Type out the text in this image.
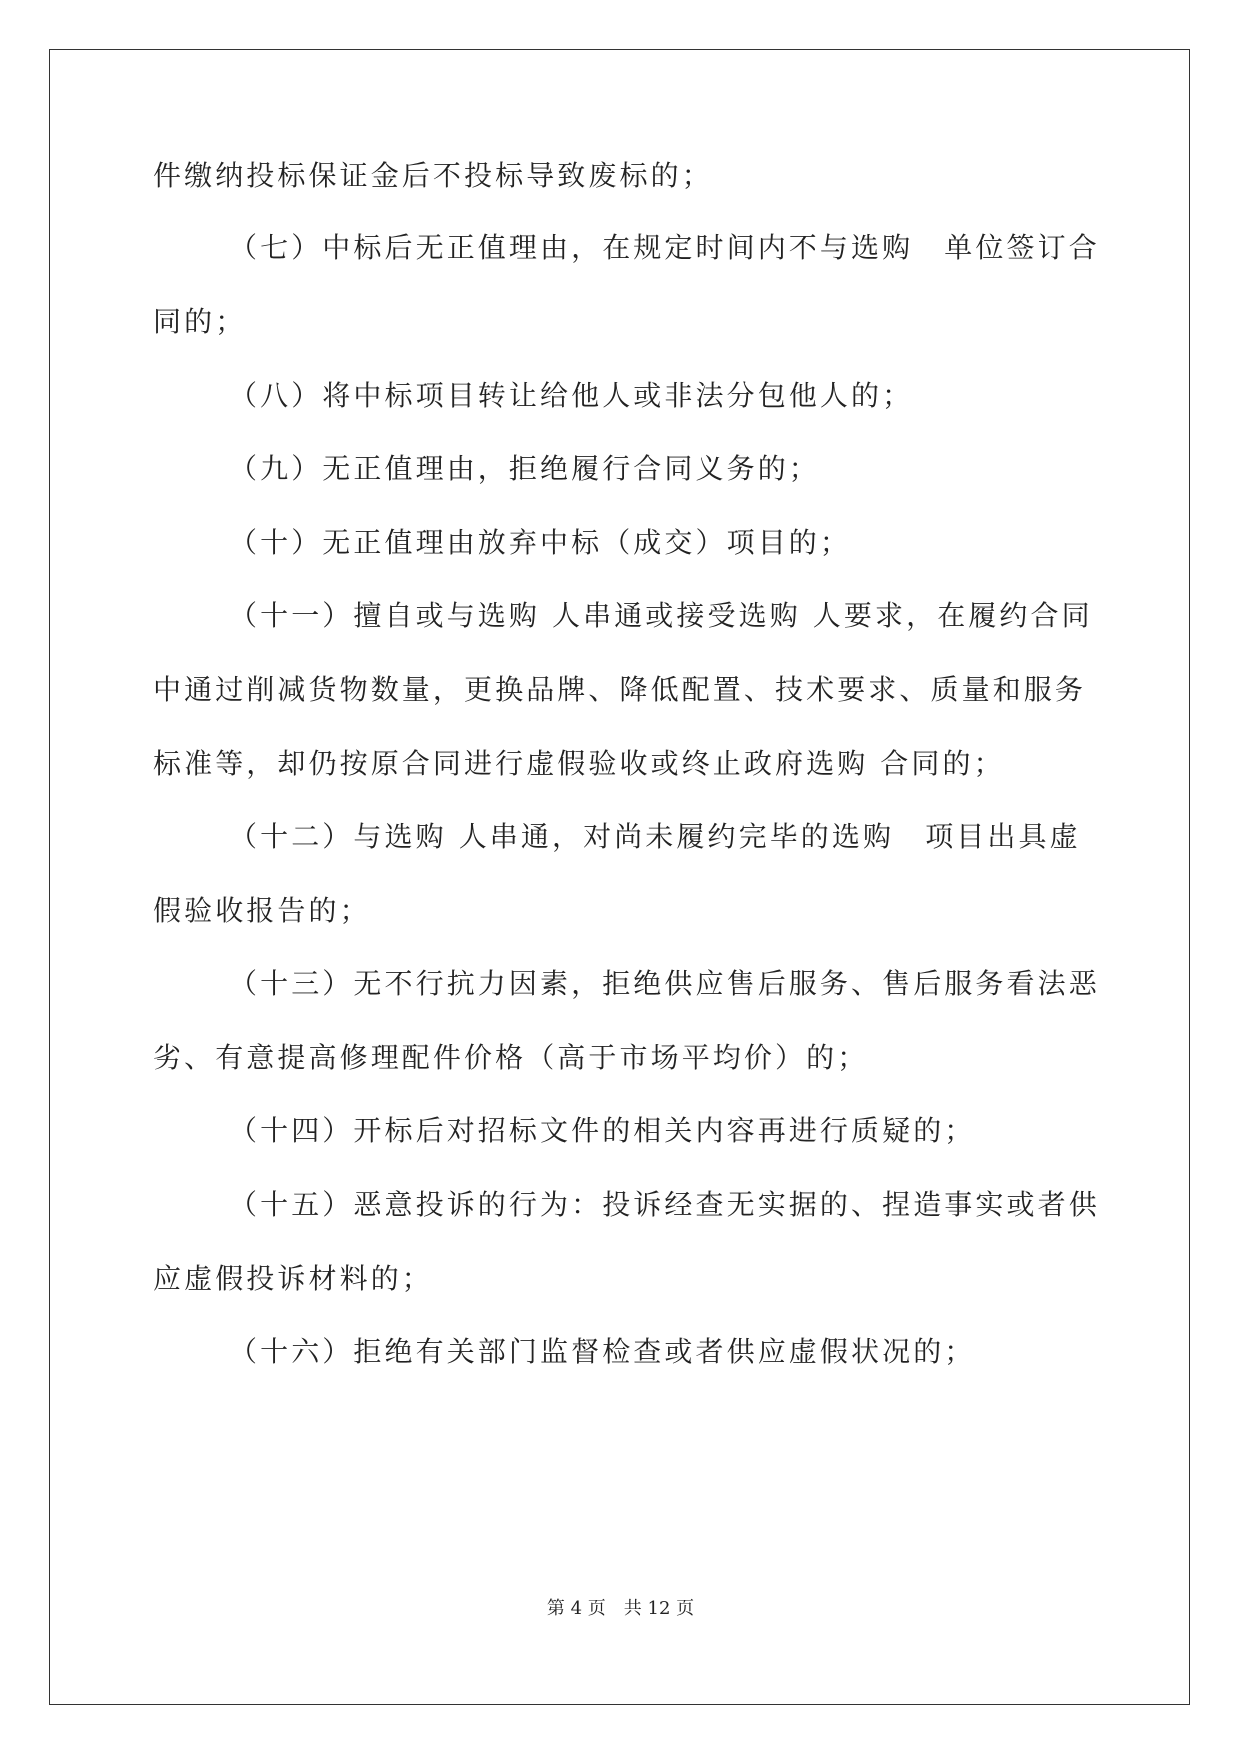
件缴纳投标保证金后不投标导致废标的；
（七）中标后无正值理由，在规定时间内不与选购　单位签订合
同的；
（八）将中标项目转让给他人或非法分包他人的；
（九）无正值理由，拒绝履行合同义务的；
（十）无正值理由放弃中标（成交）项目的；
（十一）擅自或与选购 人串通或接受选购 人要求，在履约合同
中通过削减货物数量，更换品牌、降低配置、技术要求、质量和服务
标准等，却仍按原合同进行虚假验收或终止政府选购 合同的；
（十二）与选购 人串通，对尚未履约完毕的选购　项目出具虚
假验收报告的；
（十三）无不行抗力因素，拒绝供应售后服务、售后服务看法恶
劣、有意提高修理配件价格（高于市场平均价）的；
（十四）开标后对招标文件的相关内容再进行质疑的；
（十五）恶意投诉的行为：投诉经查无实据的、捏造事实或者供
应虚假投诉材料的；
（十六）拒绝有关部门监督检查或者供应虚假状况的；
第 4 页　共 12 页
